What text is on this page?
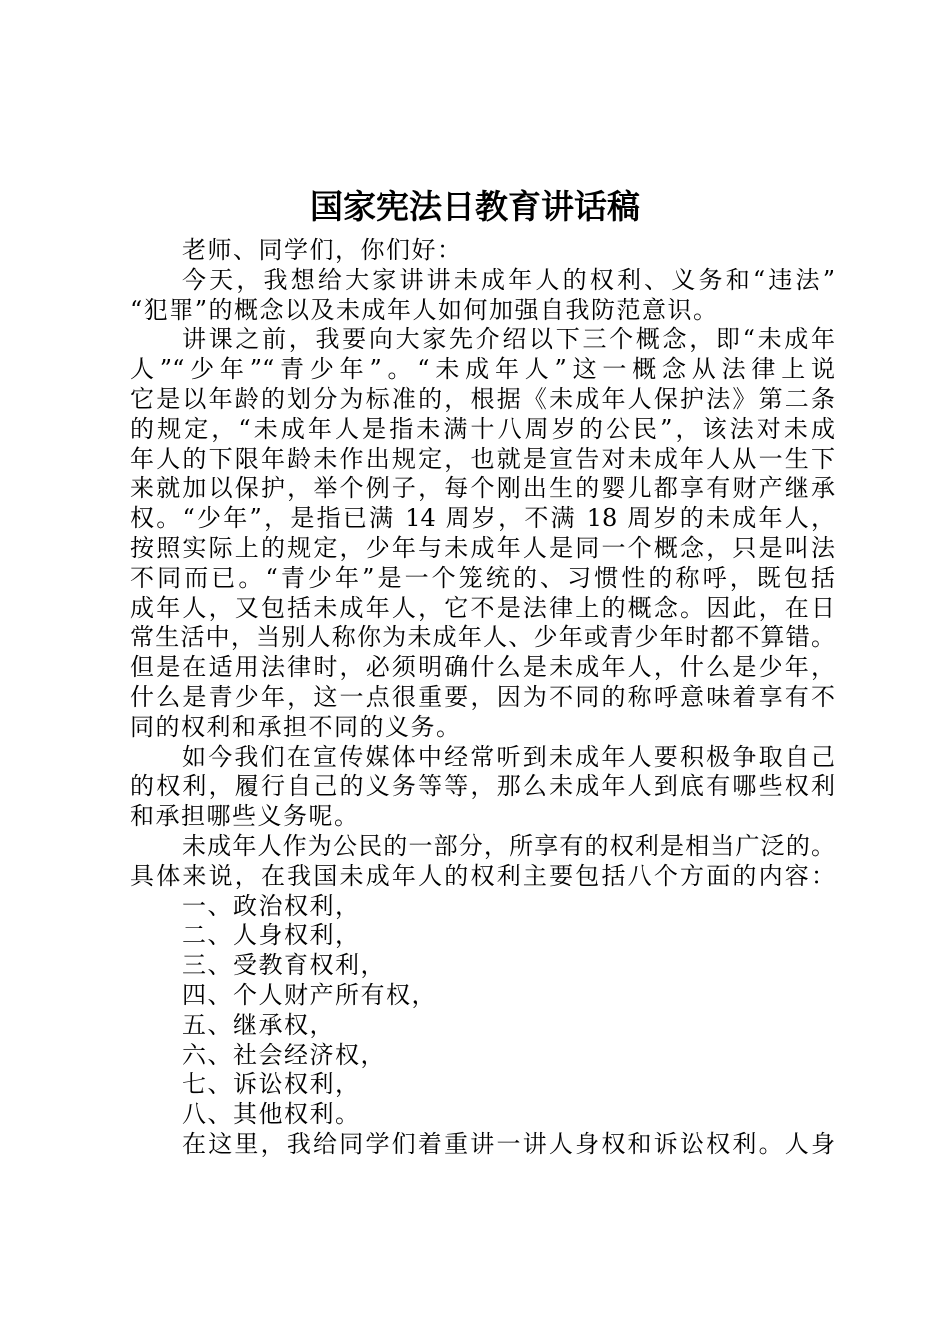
国家宪法日教育讲话稿
老师、同学们，你们好：
今天，我想给大家讲讲未成年人的权利、义务和“违法”
“犯罪”的概念以及未成年人如何加强自我防范意识。
讲课之前，我要向大家先介绍以下三个概念，即“未成年
人”“少年”“青少年”。“未成年人”这一概念从法律上说
它是以年龄的划分为标准的，根据《未成年人保护法》第二条
的规定，“未成年人是指未满十八周岁的公民”，该法对未成
年人的下限年龄未作出规定，也就是宣告对未成年人从一生下
来就加以保护，举个例子，每个刚出生的婴儿都享有财产继承
权。“少年”，是指已满 14 周岁，不满 18 周岁的未成年人，
按照实际上的规定，少年与未成年人是同一个概念，只是叫法
不同而已。“青少年”是一个笼统的、习惯性的称呼，既包括
成年人，又包括未成年人，它不是法律上的概念。因此，在日
常生活中，当别人称你为未成年人、少年或青少年时都不算错。
但是在适用法律时，必须明确什么是未成年人，什么是少年，
什么是青少年，这一点很重要，因为不同的称呼意味着享有不
同的权利和承担不同的义务。
如今我们在宣传媒体中经常听到未成年人要积极争取自己
的权利，履行自己的义务等等，那么未成年人到底有哪些权利
和承担哪些义务呢。
未成年人作为公民的一部分，所享有的权利是相当广泛的。
具体来说，在我国未成年人的权利主要包括八个方面的内容：
一、政治权利，
二、人身权利，
三、受教育权利，
四、个人财产所有权，
五、继承权，
六、社会经济权，
七、诉讼权利，
八、其他权利。
在这里，我给同学们着重讲一讲人身权和诉讼权利。人身
